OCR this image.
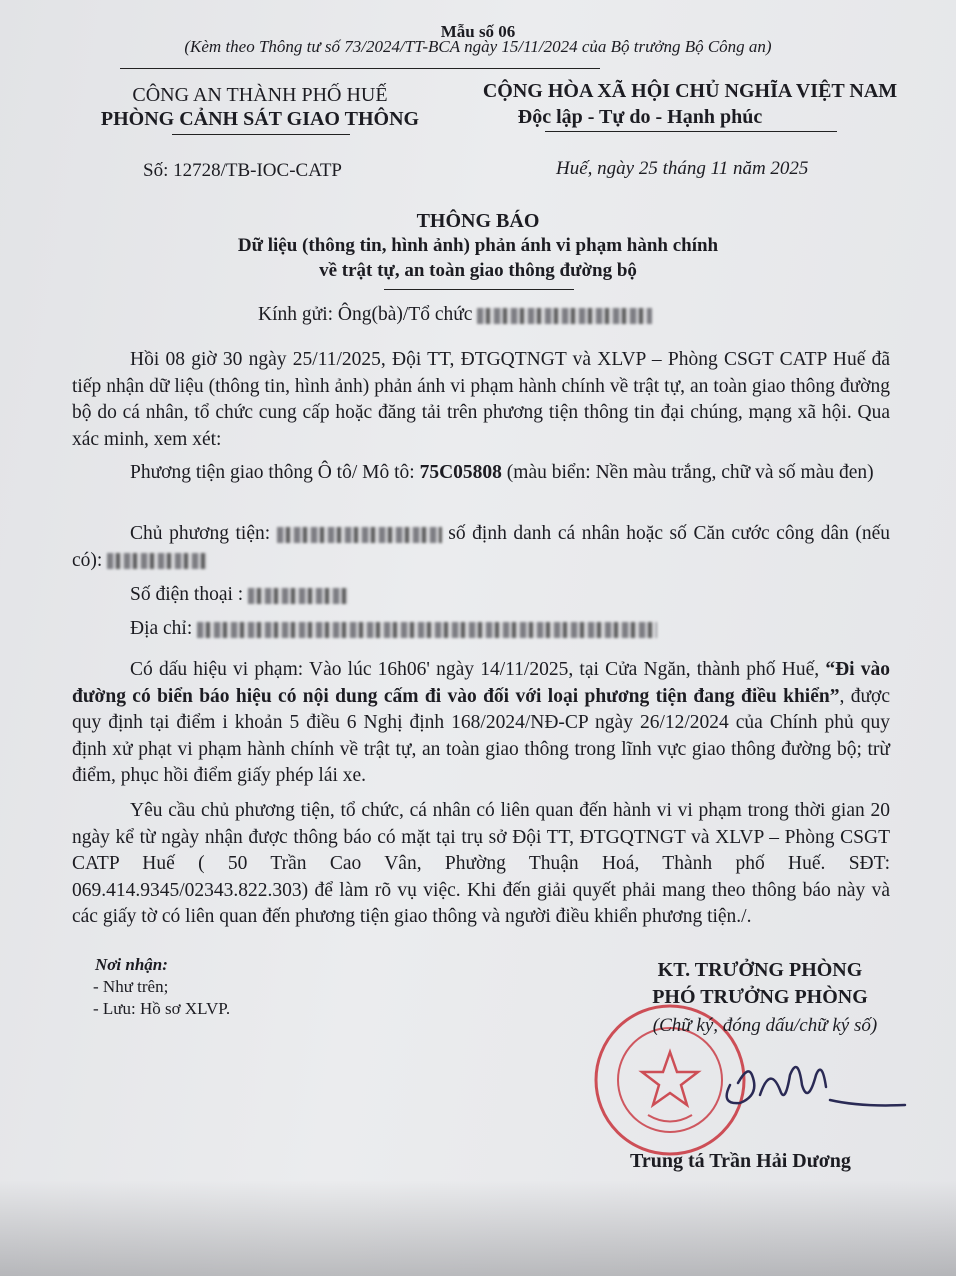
Mẫu số 06
(Kèm theo Thông tư số 73/2024/TT-BCA ngày 15/11/2024 của Bộ trưởng Bộ Công an)
CÔNG AN THÀNH PHỐ HUẾ
PHÒNG CẢNH SÁT GIAO THÔNG
CỘNG HÒA XÃ HỘI CHỦ NGHĨA VIỆT NAM
Độc lập - Tự do - Hạnh phúc
Số: 12728/TB-IOC-CATP	Huế, ngày 25 tháng 11 năm 2025
THÔNG BÁO
Dữ liệu (thông tin, hình ảnh) phản ánh vi phạm hành chính
về trật tự, an toàn giao thông đường bộ
Kính gửi: Ông(bà)/Tổ chức
Hồi 08 giờ 30 ngày 25/11/2025, Đội TT, ĐTGQTNGT và XLVP – Phòng CSGT CATP Huế đã tiếp nhận dữ liệu (thông tin, hình ảnh) phản ánh vi phạm hành chính về trật tự, an toàn giao thông đường bộ do cá nhân, tổ chức cung cấp hoặc đăng tải trên phương tiện thông tin đại chúng, mạng xã hội. Qua xác minh, xem xét:
Phương tiện giao thông Ô tô/ Mô tô: 75C05808 (màu biển: Nền màu trắng, chữ và số màu đen)
Chủ phương tiện:	số định danh cá nhân hoặc số Căn cước công dân (nếu có):
Số điện thoại :
Địa chỉ:
Có dấu hiệu vi phạm: Vào lúc 16h06' ngày 14/11/2025, tại Cửa Ngăn, thành phố Huế, “Đi vào đường có biển báo hiệu có nội dung cấm đi vào đối với loại phương tiện đang điều khiển”, được quy định tại điểm i khoản 5 điều 6 Nghị định 168/2024/NĐ-CP ngày 26/12/2024 của Chính phủ quy định xử phạt vi phạm hành chính về trật tự, an toàn giao thông trong lĩnh vực giao thông đường bộ; trừ điểm, phục hồi điểm giấy phép lái xe.
Yêu cầu chủ phương tiện, tổ chức, cá nhân có liên quan đến hành vi vi phạm trong thời gian 20 ngày kể từ ngày nhận được thông báo có mặt tại trụ sở Đội TT, ĐTGQTNGT và XLVP – Phòng CSGT CATP Huế ( 50 Trần Cao Vân, Phường Thuận Hoá, Thành phố Huế. SĐT: 069.414.9345/02343.822.303) để làm rõ vụ việc. Khi đến giải quyết phải mang theo thông báo này và các giấy tờ có liên quan đến phương tiện giao thông và người điều khiển phương tiện./.
Nơi nhận:
- Như trên;
- Lưu: Hồ sơ XLVP.
KT. TRƯỞNG PHÒNG
PHÓ TRƯỞNG PHÒNG
(Chữ ký, đóng dấu/chữ ký số)
Trung tá Trần Hải Dương
